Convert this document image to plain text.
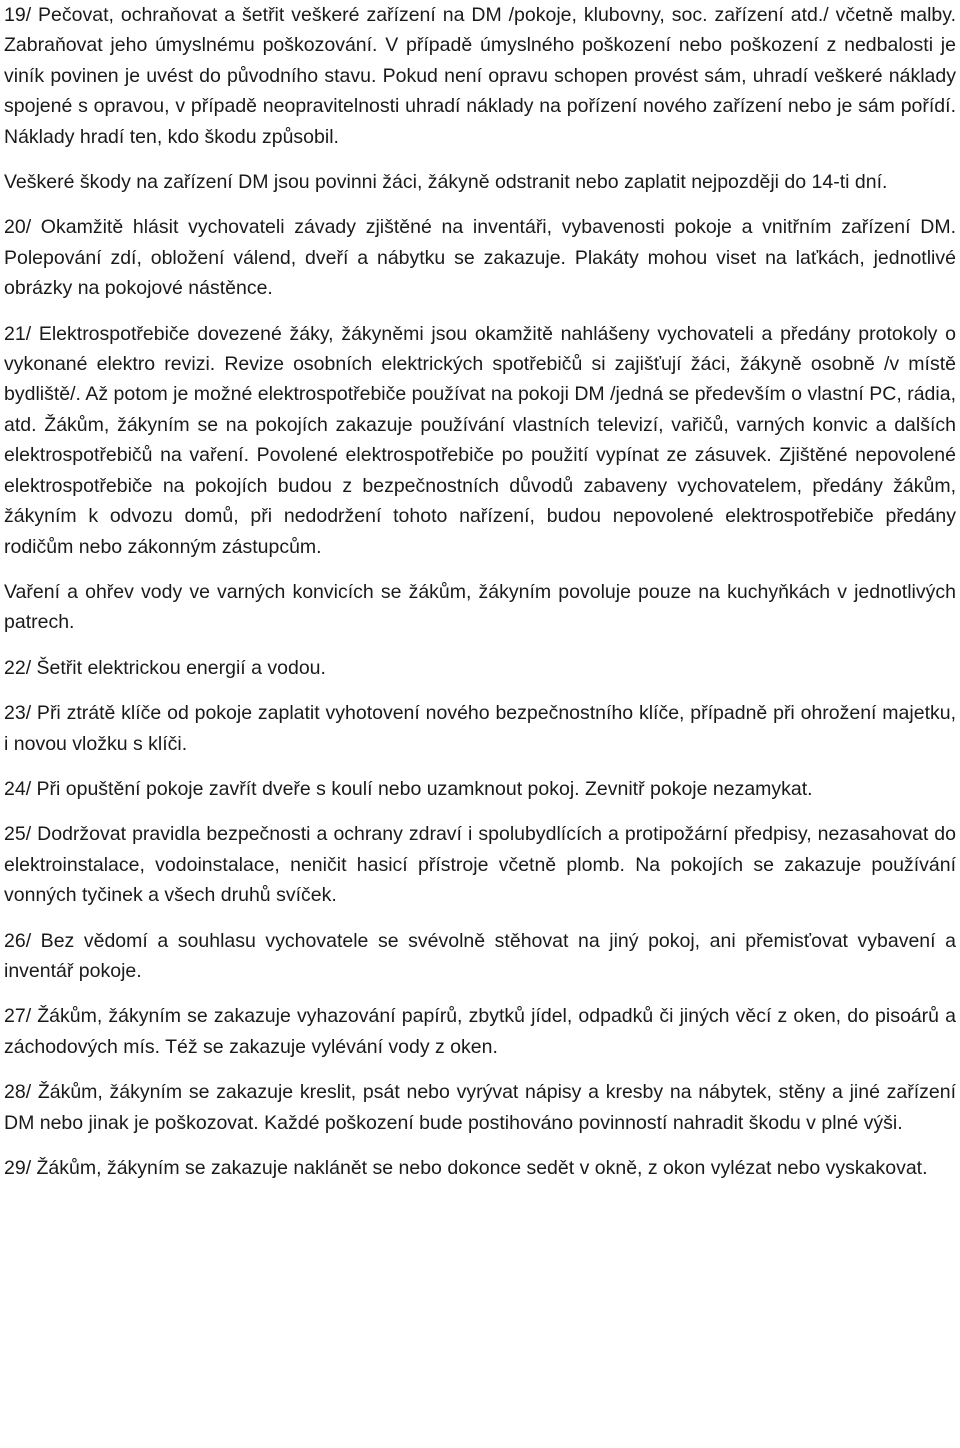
19/ Pečovat, ochraňovat a šetřit veškeré zařízení na DM /pokoje, klubovny, soc. zařízení atd./ včetně malby. Zabraňovat jeho úmyslnému poškozování. V případě úmyslného poškození nebo poškození z nedbalosti je viník povinen je uvést do původního stavu. Pokud není opravu schopen provést sám, uhradí veškeré náklady spojené s opravou, v případě neopravitelnosti uhradí náklady na pořízení nového zařízení nebo je sám pořídí. Náklady hradí ten, kdo škodu způsobil.

Veškeré škody na zařízení DM jsou povinni žáci, žákyně odstranit nebo zaplatit nejpozději do 14-ti dní.

20/ Okamžitě hlásit vychovateli závady zjištěné na inventáři, vybavenosti pokoje a vnitřním zařízení DM. Polepování zdí, obložení válend, dveří a nábytku se zakazuje. Plakáty mohou viset na laťkách, jednotlivé obrázky na pokojové nástěnce.

21/ Elektrospotřebiče dovezené žáky, žákyněmi jsou okamžitě nahlášeny vychovateli a předány protokoly o vykonané elektro revizi. Revize osobních elektrických spotřebičů si zajišťují žáci, žákyně osobně /v místě bydliště/. Až potom je možné elektrospotřebiče používat na pokoji DM /jedná se především o vlastní PC, rádia, atd. Žákům, žákyním se na pokojích zakazuje používání vlastních televizí, vařičů, varných konvic a dalších elektrospotřebičů na vaření. Povolené elektrospotřebiče po použití vypínat ze zásuvek. Zjištěné nepovolené elektrospotřebiče na pokojích budou z bezpečnostních důvodů zabaveny vychovatelem, předány žákům, žákyním k odvozu domů, při nedodržení tohoto nařízení, budou nepovolené elektrospotřebiče předány rodičům nebo zákonným zástupcům.

Vaření a ohřev vody ve varných konvicích se žákům, žákyním povoluje pouze na kuchyňkách v jednotlivých patrech.

22/ Šetřit elektrickou energií a vodou.

23/ Při ztrátě klíče od pokoje zaplatit vyhotovení nového bezpečnostního klíče, případně při ohrožení majetku, i novou vložku s klíči.

24/ Při opuštění pokoje zavřít dveře s koulí nebo uzamknout pokoj. Zevnitř pokoje nezamykat.

25/ Dodržovat pravidla bezpečnosti a ochrany zdraví i spolubydlících a protipožární předpisy, nezasahovat do elektroinstalace, vodoinstalace, neničit hasicí přístroje včetně plomb. Na pokojích se zakazuje používání vonných tyčinek a všech druhů svíček.

26/ Bez vědomí a souhlasu vychovatele se svévolně stěhovat na jiný pokoj, ani přemisťovat vybavení a inventář pokoje.

27/ Žákům, žákyním se zakazuje vyhazování papírů, zbytků jídel, odpadků či jiných věcí z oken, do pisoárů a záchodových mís. Též se zakazuje vylévání vody z oken.

28/ Žákům, žákyním se zakazuje kreslit, psát nebo vyrývat nápisy a kresby na nábytek, stěny a jiné zařízení DM nebo jinak je poškozovat. Každé poškození bude postihováno povinností nahradit škodu v plné výši.

29/ Žákům, žákyním se zakazuje naklánět se nebo dokonce sedět v okně, z okon vylézat nebo vyskakovat.
